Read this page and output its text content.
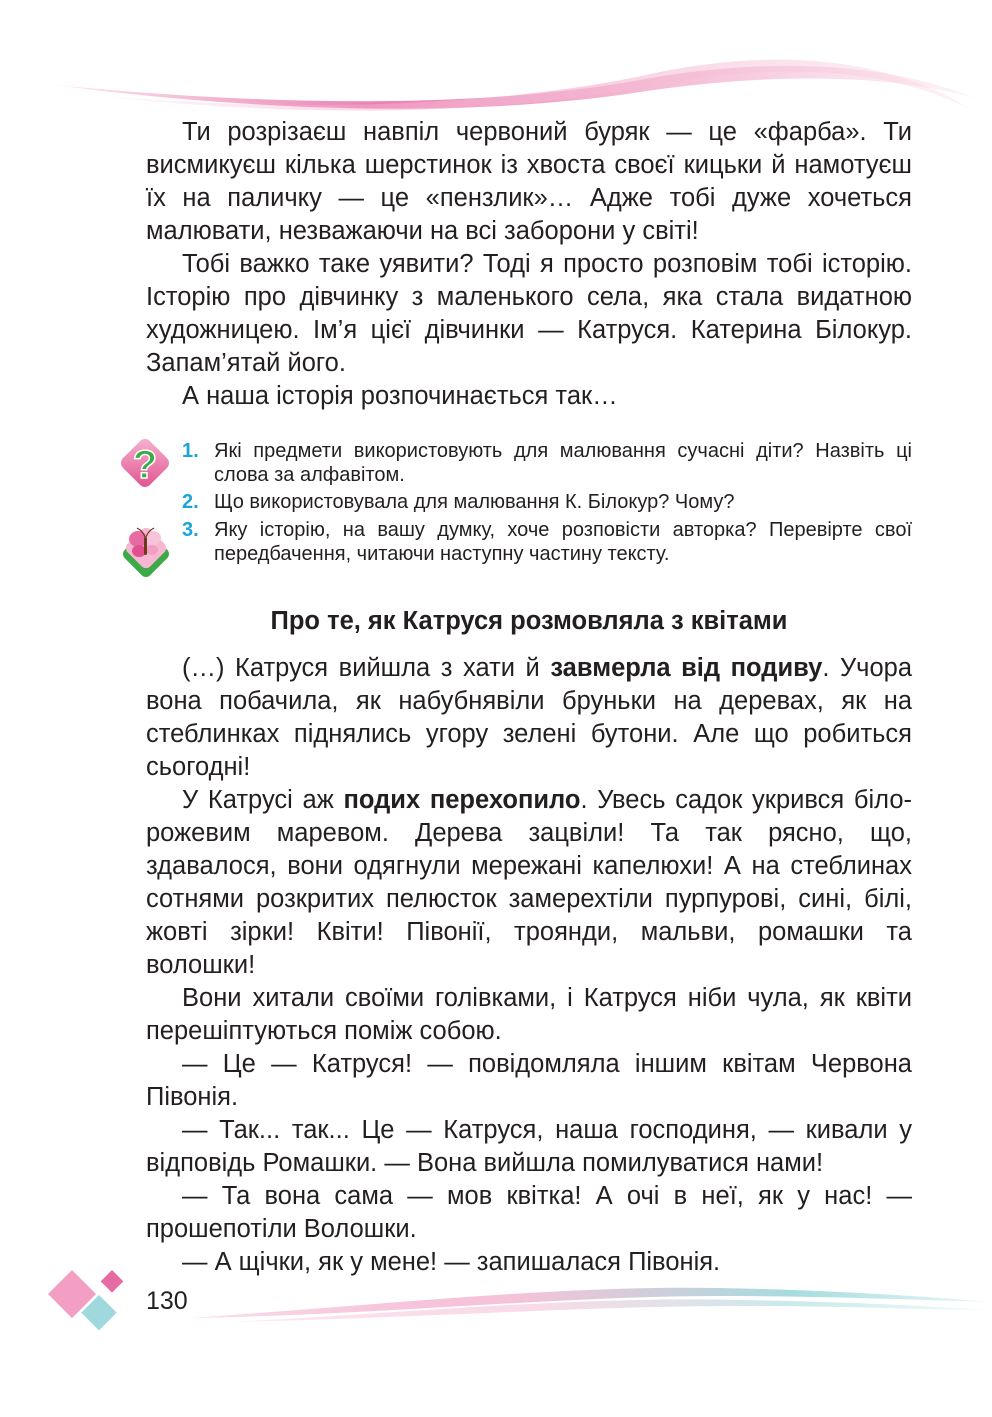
Ти розрізаєш навпіл червоний буряк — це «фарба». Ти висмикуєш кілька шерстинок із хвоста своєї кицьки й намотуєш їх на паличку — це «пензлик»… Адже тобі дуже хочеться малювати, незважаючи на всі заборони у світі!
Тобі важко таке уявити? Тоді я просто розповім тобі історію. Історію про дівчинку з маленького села, яка стала видатною художницею. Ім’я цієї дівчинки — Катруся. Катерина Білокур. Запам’ятай його.
А наша історія розпочинається так…
? 1. Які предмети використовують для малювання сучасні діти? Назвіть ці слова за алфавітом.
2. Що використовувала для малювання К. Білокур? Чому?
3. Яку історію, на вашу думку, хоче розповісти авторка? Перевірте свої передбачення, читаючи наступну частину тексту.
Про те, як Катруся розмовляла з квітами
(…) Катруся вийшла з хати й завмерла від подиву. Учора вона побачила, як набубнявіли бруньки на деревах, як на стеблинках піднялись угору зелені бутони. Але що робиться сьогодні!
У Катрусі аж подих перехопило. Увесь садок укрився біло-рожевим маревом. Дерева зацвіли! Та так рясно, що, здавалося, вони одягнули мережані капелюхи! А на стеблинах сотнями розкритих пелюсток замерехтіли пурпурові, сині, білі, жовті зірки! Квіти! Півонії, троянди, мальви, ромашки та волошки!
Вони хитали своїми голівками, і Катруся ніби чула, як квіти перешіптуються поміж собою.
— Це — Катруся! — повідомляла іншим квітам Червона Півонія.
— Так... так... Це — Катруся, наша господиня, — кивали у відповідь Ромашки. — Вона вийшла помилуватися нами!
— Та вона сама — мов квітка! А очі в неї, як у нас! — прошепотіли Волошки.
— А щічки, як у мене! — запишалася Півонія.
130
